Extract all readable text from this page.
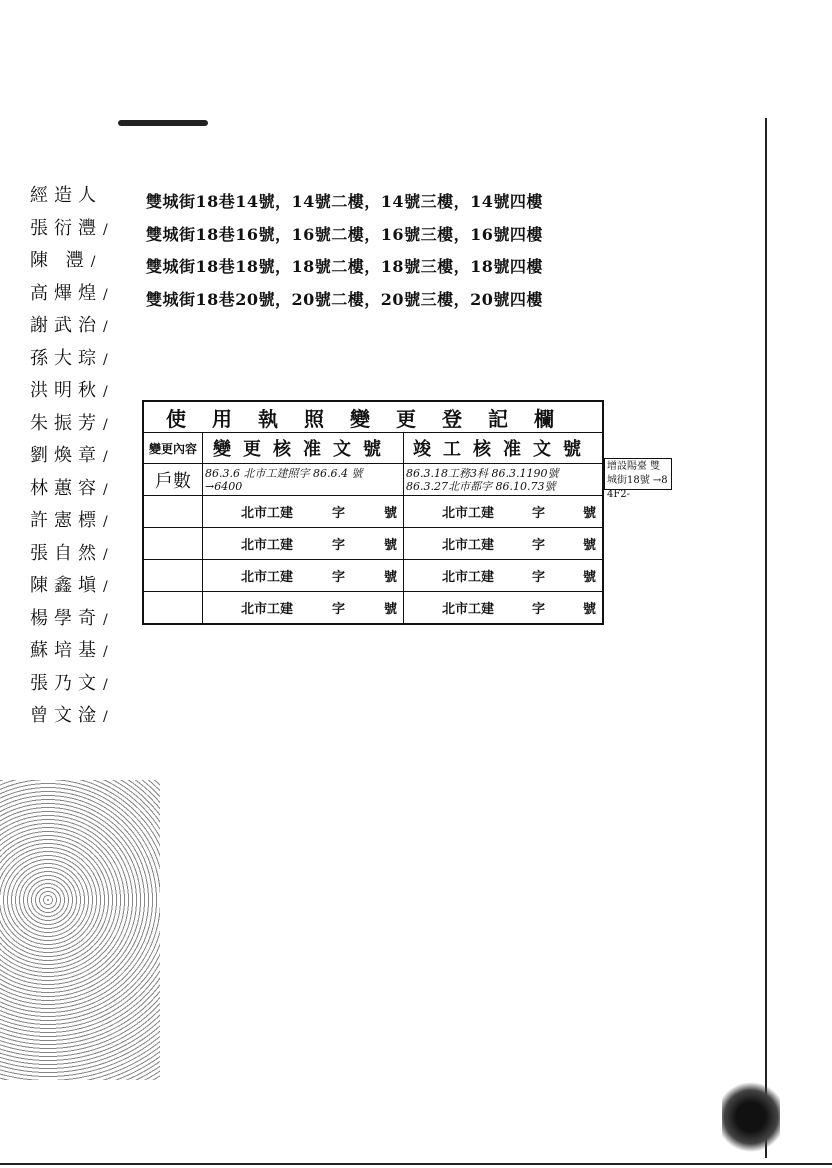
經造人
張衍灃/
陳 灃/
高熚煌/
謝武治/
孫大琮/
洪明秋/
朱振芳/
劉煥章/
林蕙容/
許憲標/
張自然/
陳鑫塡/
楊學奇/
蘇培基/
張乃文/
曾文淦/
雙城街18巷14號，14號二樓，14號三樓，14號四樓
雙城街18巷16號，16號二樓，16號三樓，16號四樓
雙城街18巷18號，18號二樓，18號三樓，18號四樓
雙城街18巷20號，20號二樓，20號三樓，20號四樓
使用執照變更登記欄		
變更內容	變更核准文號	竣工核准文號
戶數	86.3.6 北市工建照字 86.6.4 號 →6400	86.3.18工務3科 86.3.1190號
86.3.27北市都字 86.10.73號

	北市工建 字 號	北市工建 字 號

	北市工建 字 號	北市工建 字 號

	北市工建 字 號	北市工建 字 號

	北市工建 字 號	北市工建 字 號
增設陽臺 雙城街18號 →8 4F2-
